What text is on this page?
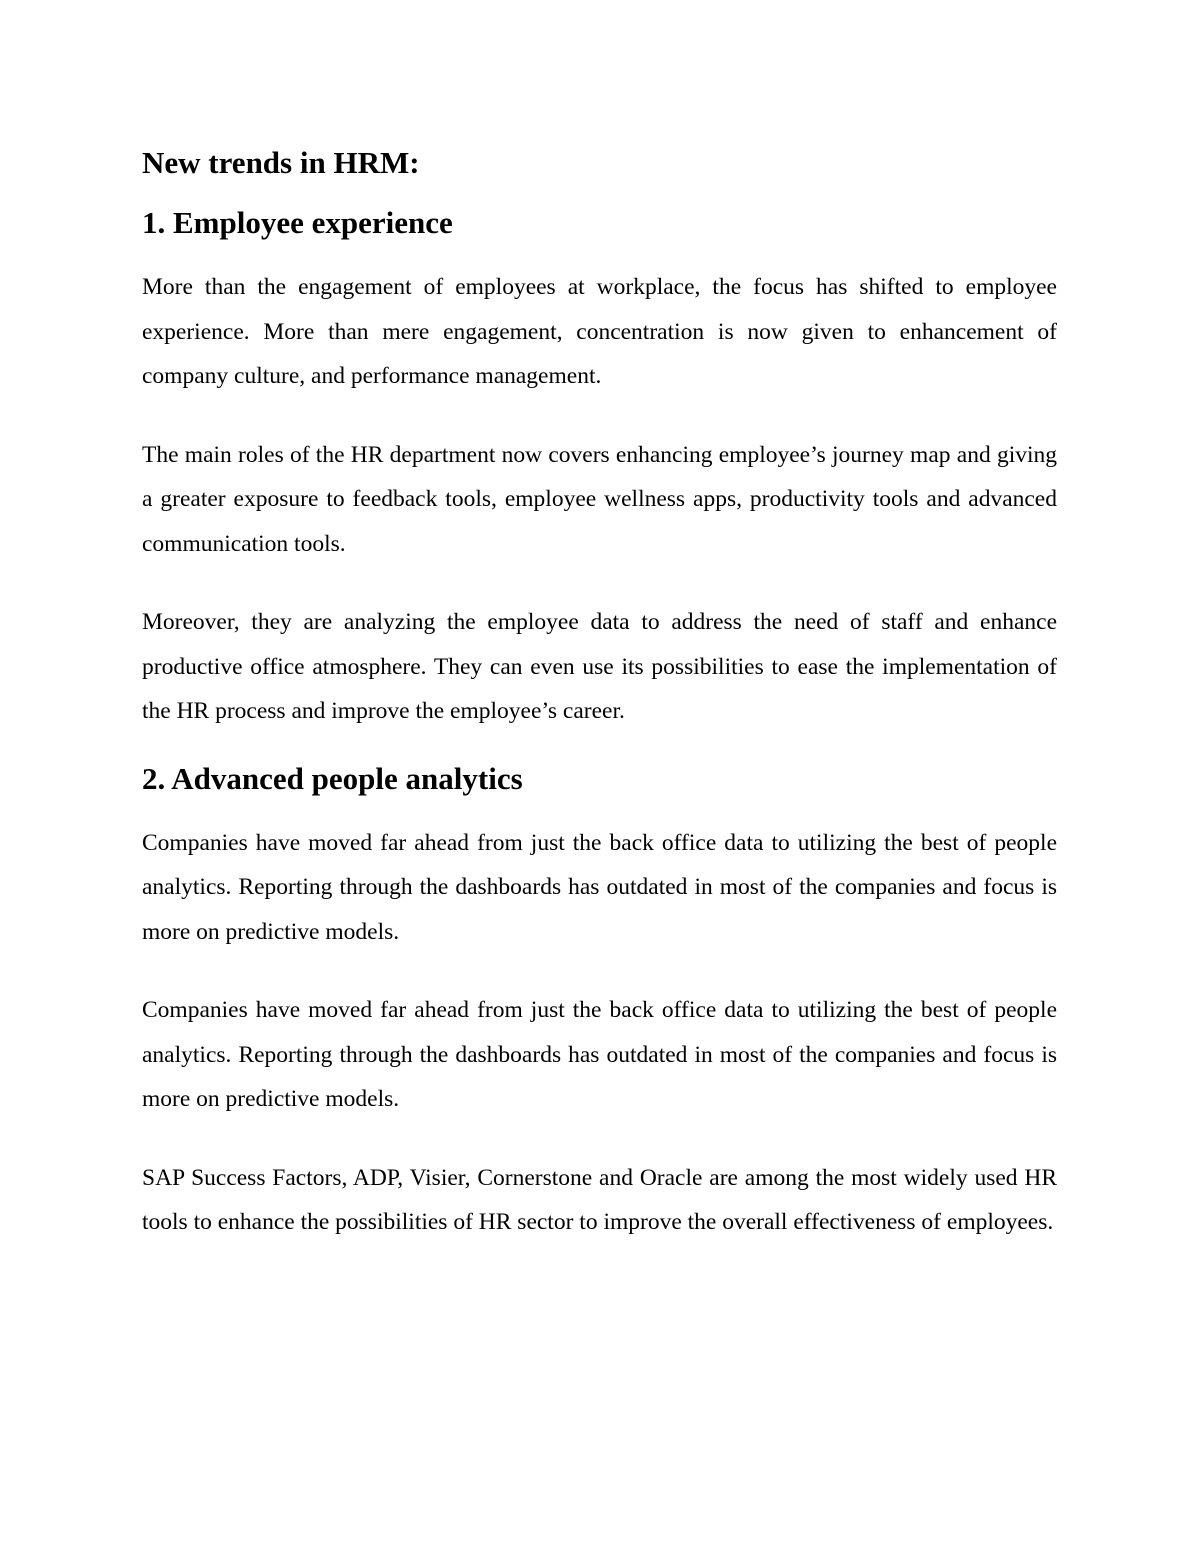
New trends in HRM:
1. Employee experience

More than the engagement of employees at workplace, the focus has shifted to employee experience. More than mere engagement, concentration is now given to enhancement of company culture, and performance management.

The main roles of the HR department now covers enhancing employee’s journey map and giving a greater exposure to feedback tools, employee wellness apps, productivity tools and advanced communication tools.

Moreover, they are analyzing the employee data to address the need of staff and enhance productive office atmosphere. They can even use its possibilities to ease the implementation of the HR process and improve the employee’s career.

2. Advanced people analytics

Companies have moved far ahead from just the back office data to utilizing the best of people analytics. Reporting through the dashboards has outdated in most of the companies and focus is more on predictive models.

Companies have moved far ahead from just the back office data to utilizing the best of people analytics. Reporting through the dashboards has outdated in most of the companies and focus is more on predictive models.

SAP Success Factors, ADP, Visier, Cornerstone and Oracle are among the most widely used HR tools to enhance the possibilities of HR sector to improve the overall effectiveness of employees.
